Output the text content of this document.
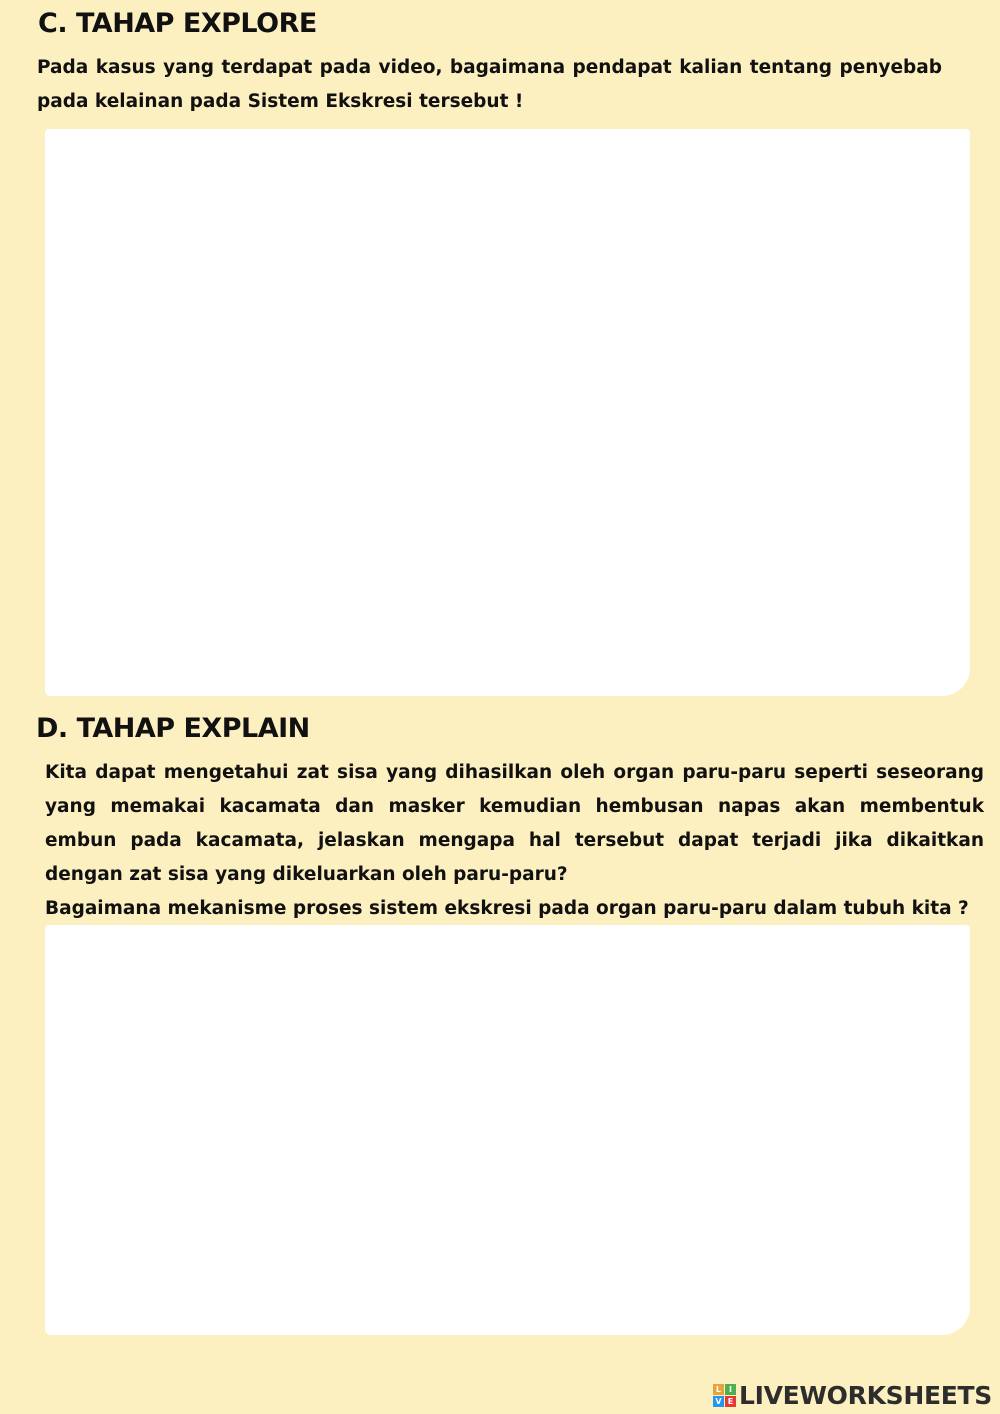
C. TAHAP EXPLORE

Pada kasus yang terdapat pada video, bagaimana pendapat kalian tentang penyebab pada kelainan pada Sistem Ekskresi tersebut !

D. TAHAP EXPLAIN

Kita dapat mengetahui zat sisa yang dihasilkan oleh organ paru-paru seperti seseorang yang memakai kacamata dan masker kemudian hembusan napas akan membentuk embun pada kacamata, jelaskan mengapa hal tersebut dapat terjadi jika dikaitkan dengan zat sisa yang dikeluarkan oleh paru-paru?

Bagaimana mekanisme proses sistem ekskresi pada organ paru-paru dalam tubuh kita ?

L I
V E LIVEWORKSHEETS
